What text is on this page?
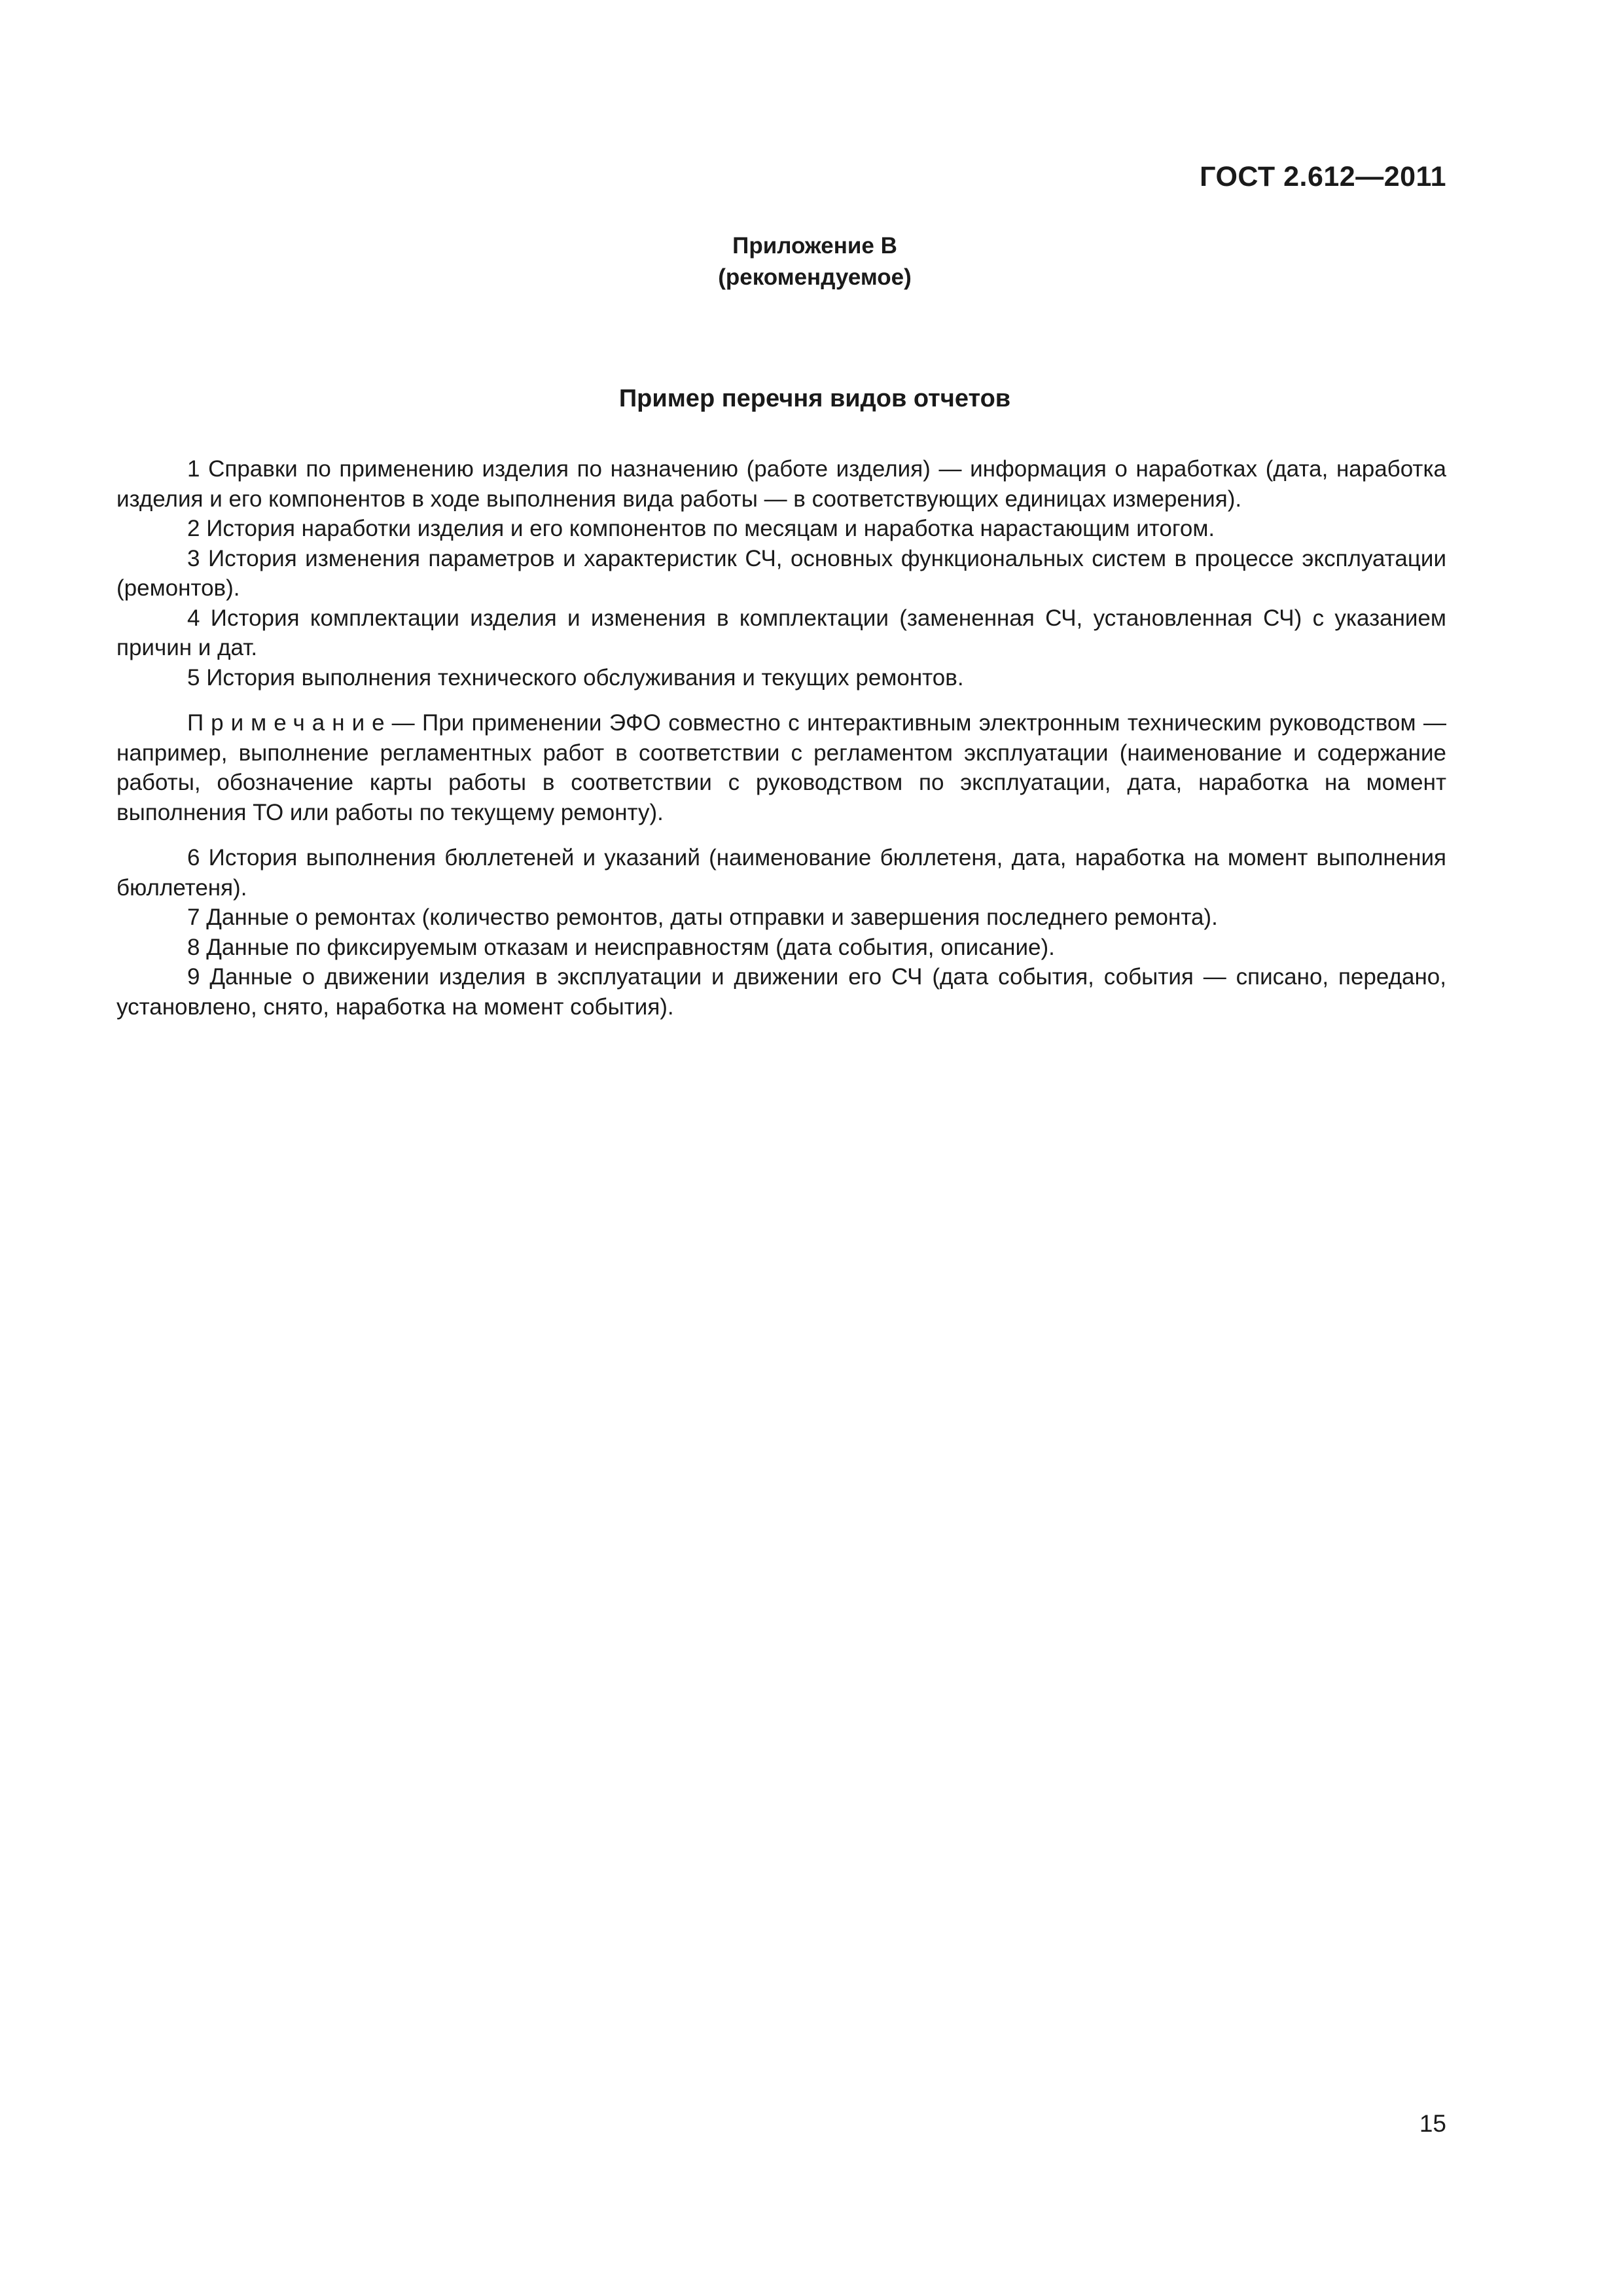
ГОСТ 2.612—2011
Приложение В
(рекомендуемое)
Пример перечня видов отчетов

1 Справки по применению изделия по назначению (работе изделия) — информация о наработках (дата, наработка изделия и его компонентов в ходе выполнения вида работы — в соответствующих единицах измерения).

2 История наработки изделия и его компонентов по месяцам и наработка нарастающим итогом.

3 История изменения параметров и характеристик СЧ, основных функциональных систем в процессе эксплуатации (ремонтов).

4 История комплектации изделия и изменения в комплектации (замененная СЧ, установленная СЧ) с указанием причин и дат.

5 История выполнения технического обслуживания и текущих ремонтов.

Примечание— При применении ЭФО совместно с интерактивным электронным техническим руководством — например, выполнение регламентных работ в соответствии с регламентом эксплуатации (наименование и содержание работы, обозначение карты работы в соответствии с руководством по эксплуатации, дата, наработка на момент выполнения ТО или работы по текущему ремонту).

6 История выполнения бюллетеней и указаний (наименование бюллетеня, дата, наработка на момент выполнения бюллетеня).

7 Данные о ремонтах (количество ремонтов, даты отправки и завершения последнего ремонта).

8 Данные по фиксируемым отказам и неисправностям (дата события, описание).

9 Данные о движении изделия в эксплуатации и движении его СЧ (дата события, события — списано, передано, установлено, снято, наработка на момент события).

15
